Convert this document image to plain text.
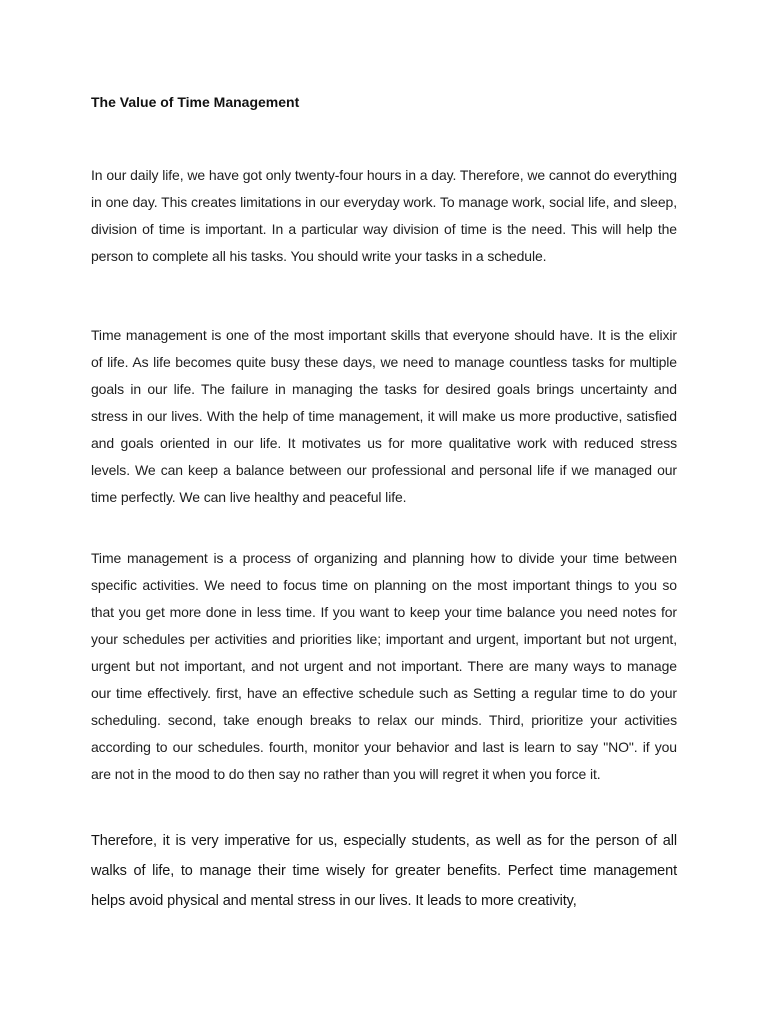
The Value of Time Management

In our daily life, we have got only twenty-four hours in a day. Therefore, we cannot do everything in one day. This creates limitations in our everyday work. To manage work, social life, and sleep, division of time is important. In a particular way division of time is the need. This will help the person to complete all his tasks. You should write your tasks in a schedule.

Time management is one of the most important skills that everyone should have. It is the elixir of life. As life becomes quite busy these days, we need to manage countless tasks for multiple goals in our life. The failure in managing the tasks for desired goals brings uncertainty and stress in our lives. With the help of time management, it will make us more productive, satisfied and goals oriented in our life. It motivates us for more qualitative work with reduced stress levels. We can keep a balance between our professional and personal life if we managed our time perfectly. We can live healthy and peaceful life.

Time management is a process of organizing and planning how to divide your time between specific activities. We need to focus time on planning on the most important things to you so that you get more done in less time. If you want to keep your time balance you need notes for your schedules per activities and priorities like; important and urgent, important but not urgent, urgent but not important, and not urgent and not important. There are many ways to manage our time effectively. first, have an effective schedule such as Setting a regular time to do your scheduling. second, take enough breaks to relax our minds. Third, prioritize your activities according to our schedules. fourth, monitor your behavior and last is learn to say "NO". if you are not in the mood to do then say no rather than you will regret it when you force it.

Therefore, it is very imperative for us, especially students, as well as for the person of all walks of life, to manage their time wisely for greater benefits. Perfect time management helps avoid physical and mental stress in our lives. It leads to more creativity,
